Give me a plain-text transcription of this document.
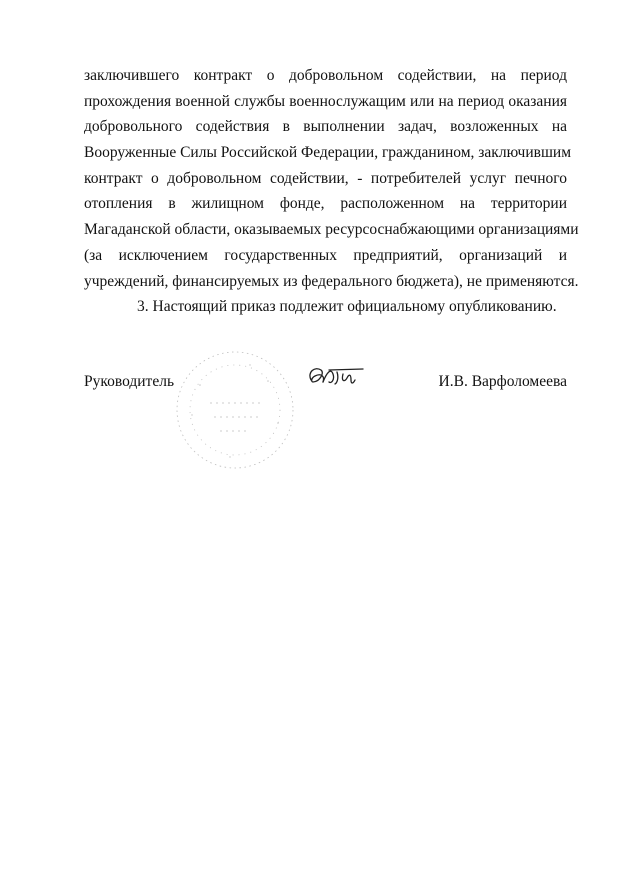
заключившего контракт о добровольном содействии, на период
прохождения военной службы военнослужащим или на период оказания
добровольного содействия в выполнении задач, возложенных на
Вооруженные Силы Российской Федерации, гражданином, заключившим
контракт о добровольном содействии, - потребителей услуг печного
отопления в жилищном фонде, расположенном на территории
Магаданской области, оказываемых ресурсоснабжающими организациями
(за исключением государственных предприятий, организаций и
учреждений, финансируемых из федерального бюджета), не применяются.
3. Настоящий приказ подлежит официальному опубликованию.
Руководитель	И.В. Варфоломеева
